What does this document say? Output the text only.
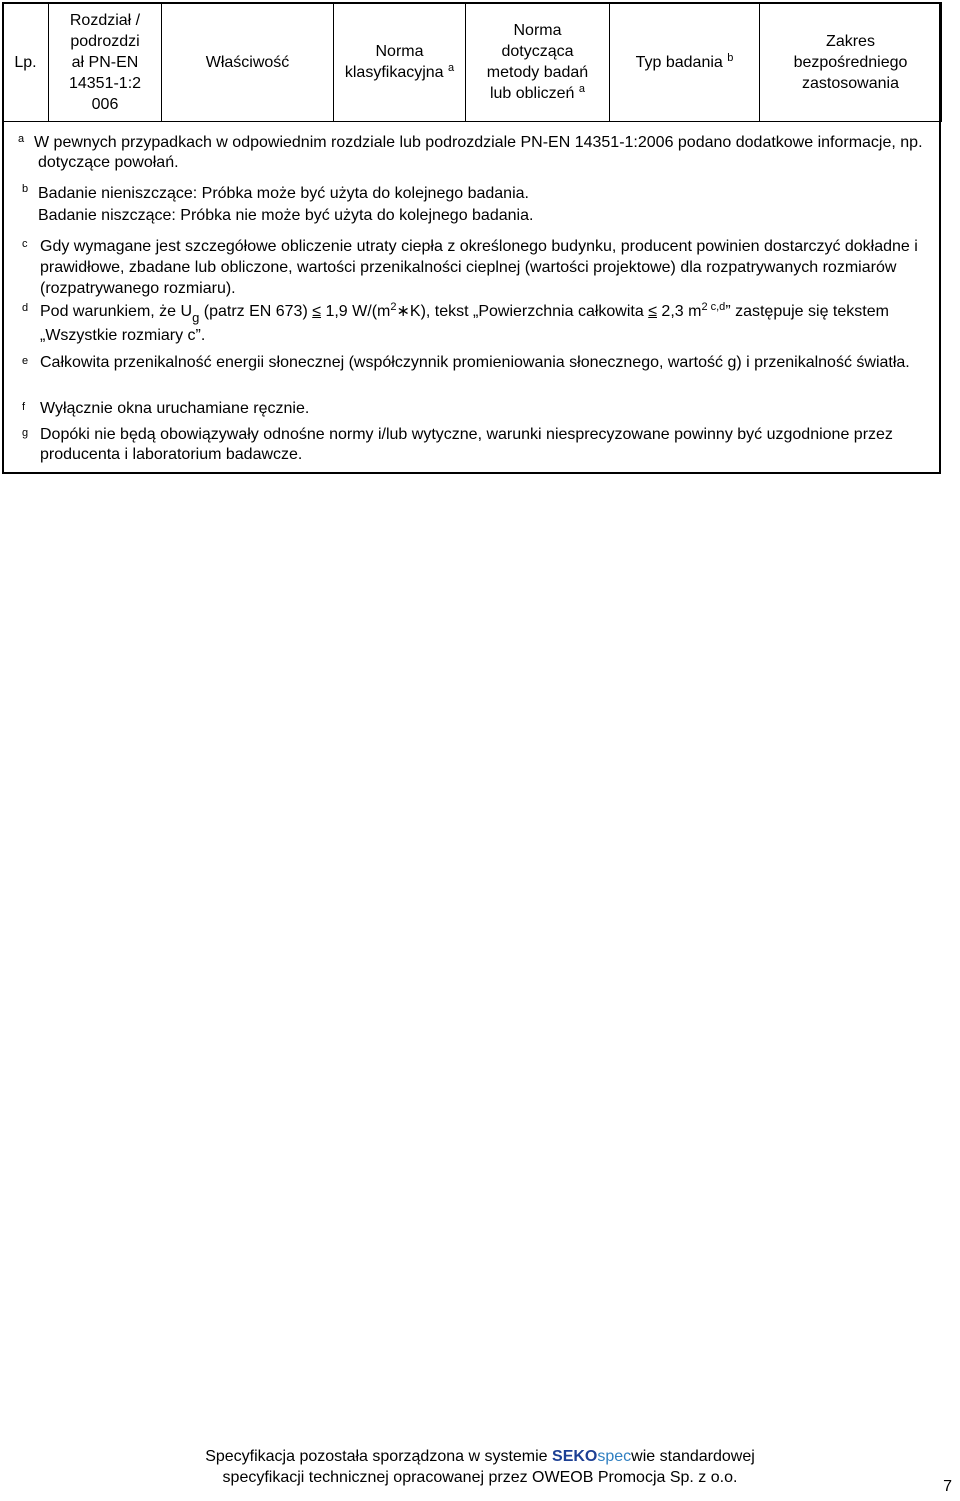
Lp.	Rozdział /
podrozdzi
ał PN-EN
14351-1:2
006	Właściwość	Norma
klasyfikacyjna $^a$	Norma
dotycząca
metody badań
lub obliczeń $^a$	Typ badania $^b$	Zakres
bezpośredniego
zastosowania
a W pewnych przypadkach w odpowiednim rozdziale lub podrozdziale PN-EN 14351-1:2006 podano dodatkowe informacje, np. dotyczące powołań.
b Badanie nieniszczące: Próbka może być użyta do kolejnego badania.
Badanie niszczące: Próbka nie może być użyta do kolejnego badania.
c Gdy wymagane jest szczegółowe obliczenie utraty ciepła z określonego budynku, producent powinien dostarczyć dokładne i prawidłowe, zbadane lub obliczone, wartości przenikalności cieplnej (wartości projektowe) dla rozpatrywanych rozmiarów (rozpatrywanego rozmiaru).
d Pod warunkiem, że $U_g$ (patrz EN 673) ≤ 1,9 $W/(m^2∗K)$, tekst „Powierzchnia całkowita ≤ 2,3 $m^{2 c,d}$” zastępuje się tekstem „Wszystkie rozmiary c”.
e Całkowita przenikalność energii słonecznej (współczynnik promieniowania słonecznego, wartość g) i przenikalność światła.
f Wyłącznie okna uruchamiane ręcznie.
g Dopóki nie będą obowiązywały odnośne normy i/lub wytyczne, warunki niesprecyzowane powinny być uzgodnione przez producenta i laboratorium badawcze.
Specyfikacja pozostała sporządzona w systemie SEKOspecwie standardowej
specyfikacji technicznej opracowanej przez OWEOB Promocja Sp. z o.o.
7
